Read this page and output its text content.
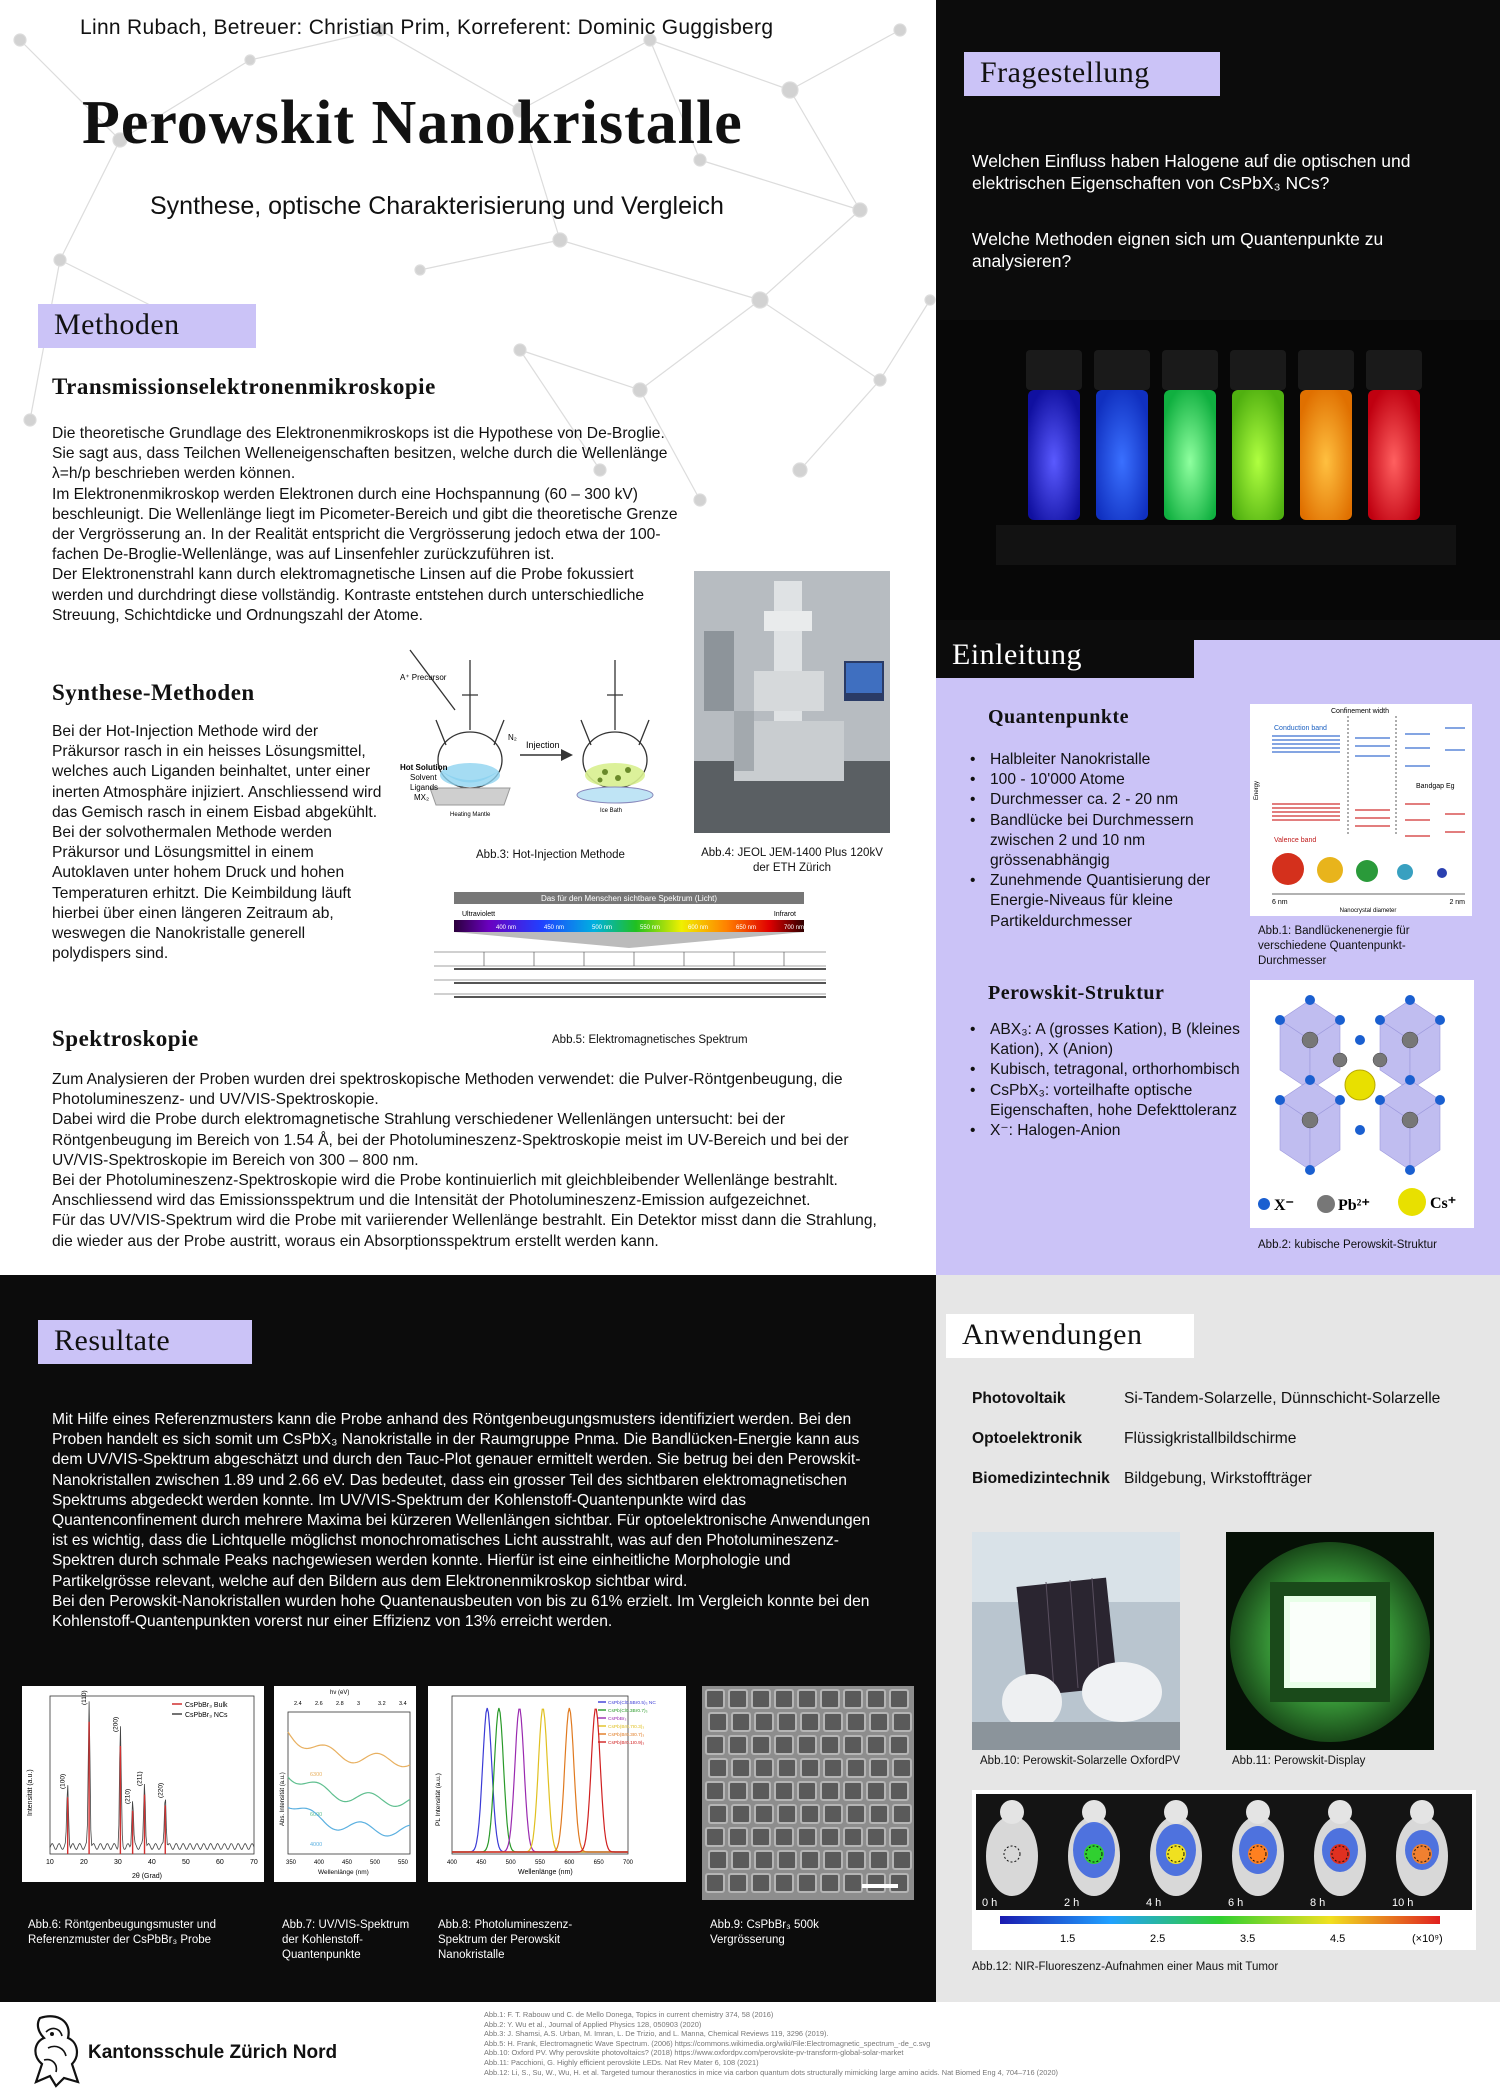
Linn Rubach, Betreuer: Christian Prim, Korreferent: Dominic Guggisberg
Perowskit Nanokristalle
Synthese, optische Charakterisierung und Vergleich
Methoden
Transmissionselektronenmikroskopie
Die theoretische Grundlage des Elektronenmikroskops ist die Hypothese von De-Broglie. Sie sagt aus, dass Teilchen Welleneigenschaften besitzen, welche durch die Wellenlänge λ=h/p beschrieben werden können.
Im Elektronenmikroskop werden Elektronen durch eine Hochspannung (60 – 300 kV) beschleunigt. Die Wellenlänge liegt im Picometer-Bereich und gibt die theoretische Grenze der Vergrösserung an. In der Realität entspricht die Vergrösserung jedoch etwa der 100-fachen De-Broglie-Wellenlänge, was auf Linsenfehler zurückzuführen ist.
Der Elektronenstrahl kann durch elektromagnetische Linsen auf die Probe fokussiert werden und durchdringt diese vollständig. Kontraste entstehen durch unterschiedliche Streuung, Schichtdicke und Ordnungszahl der Atome.
Abb.4: JEOL JEM-1400 Plus 120kV der ETH Zürich
Synthese-Methoden
Bei der Hot-Injection Methode wird der Präkursor rasch in ein heisses Lösungsmittel, welches auch Liganden beinhaltet, unter einer inerten Atmosphäre injiziert. Anschliessend wird das Gemisch rasch in einem Eisbad abgekühlt. Bei der solvothermalen Methode werden Präkursor und Lösungsmittel in einem Autoklaven unter hohem Druck und hohen Temperaturen erhitzt. Die Keimbildung läuft hierbei über einen längeren Zeitraum ab, weswegen die Nanokristalle generell polydispers sind.
A⁺ Precursor
Hot Solution
Solvent
Ligands
MX₂
N₂
Injection
Heating Mantle
Ice Bath
Abb.3: Hot-Injection Methode
Das für den Menschen sichtbare Spektrum (Licht)
Ultraviolett	Infrarot
400 nm	450 nm	500 nm	550 nm	600 nm	650 nm	700 nm
Abb.5: Elektromagnetisches Spektrum
Spektroskopie
Zum Analysieren der Proben wurden drei spektroskopische Methoden verwendet: die Pulver-Röntgenbeugung, die Photolumineszenz- und UV/VIS-Spektroskopie.
Dabei wird die Probe durch elektromagnetische Strahlung verschiedener Wellenlängen untersucht: bei der Röntgenbeugung im Bereich von 1.54 Å, bei der Photolumineszenz-Spektroskopie meist im UV-Bereich und bei der UV/VIS-Spektroskopie im Bereich von 300 – 800 nm.
Bei der Photolumineszenz-Spektroskopie wird die Probe kontinuierlich mit gleichbleibender Wellenlänge bestrahlt. Anschliessend wird das Emissionsspektrum und die Intensität der Photolumineszenz-Emission aufgezeichnet.
Für das UV/VIS-Spektrum wird die Probe mit variierender Wellenlänge bestrahlt. Ein Detektor misst dann die Strahlung, die wieder aus der Probe austritt, woraus ein Absorptionsspektrum erstellt werden kann.
Fragestellung
Welchen Einfluss haben Halogene auf die optischen und elektrischen Eigenschaften von CsPbX₃ NCs?
Welche Methoden eignen sich um Quantenpunkte zu analysieren?
Einleitung
Quantenpunkte
• Halbleiter Nanokristalle
• 100 - 10'000 Atome
• Durchmesser ca. 2 - 20 nm
• Bandlücke bei Durchmessern zwischen 2 und 10 nm grössenabhängig
• Zunehmende Quantisierung der Energie-Niveaus für kleine Partikeldurchmesser
Confinement width
Conduction band
Valence band
Bandgap Eg
Energy
6 nm	2 nm
Nanocrystal diameter
Abb.1: Bandlückenenergie für verschiedene Quantenpunkt-Durchmesser
Perowskit-Struktur
• ABX₃: A (grosses Kation), B (kleines Kation), X (Anion)
• Kubisch, tetragonal, orthorhombisch
• CsPbX₃: vorteilhafte optische Eigenschaften, hohe Defekttoleranz
• X⁻: Halogen-Anion
X⁻	Pb²⁺	Cs⁺
Abb.2: kubische Perowskit-Struktur
Resultate
Mit Hilfe eines Referenzmusters kann die Probe anhand des Röntgenbeugungsmusters identifiziert werden. Bei den Proben handelt es sich somit um CsPbX₃ Nanokristalle in der Raumgruppe Pnma. Die Bandlücken-Energie kann aus dem UV/VIS-Spektrum abgeschätzt und durch den Tauc-Plot genauer ermittelt werden. Sie betrug bei den Perowskit-Nanokristallen zwischen 1.89 und 2.66 eV. Das bedeutet, dass ein grosser Teil des sichtbaren elektromagnetischen Spektrums abgedeckt werden konnte. Im UV/VIS-Spektrum der Kohlenstoff-Quantenpunkte wird das Quantenconfinement durch mehrere Maxima bei kürzeren Wellenlängen sichtbar. Für optoelektronische Anwendungen ist es wichtig, dass die Lichtquelle möglichst monochromatisches Licht ausstrahlt, was auf den Photolumineszenz-Spektren durch schmale Peaks nachgewiesen werden konnte. Hierfür ist eine einheitliche Morphologie und Partikelgrösse relevant, welche auf den Bildern aus dem Elektronenmikroskop sichtbar wird.
Bei den Perowskit-Nanokristallen wurden hohe Quantenausbeuten von bis zu 61% erzielt. Im Vergleich konnte bei den Kohlenstoff-Quantenpunkten vorerst nur einer Effizienz von 13% erreicht werden.
(100)
(110)
(200)
(210)
(211)
(220)
10	20	30	40	50	60	70
2θ (Grad)
Intensität (a.u.)
CsPbBr₃ Bulk
CsPbBr₃ NCs
Abb.6: Röntgenbeugungsmuster und Referenzmuster der CsPbBr₃ Probe
hν (eV)
2.4 2.6 2.8 3	3.2 3.4
6300
6000
4000
350	400	450	500	550
Wellenlänge (nm)
Abs. Intensität (a.u.)
Abb.7: UV/VIS-Spektrum der Kohlenstoff-Quantenpunkte
CsPb(Cl0.5Br0.5)₃ NC
CsPb(Cl0.3Br0.7)₃
CsPbBr₃
CsPb(Br0.7I0.3)₃
CsPb(Br0.3I0.7)₃
CsPb(Br0.1I0.9)₃
400	450	500	550	600	650	700
Wellenlänge (nm)
PL Intensität (a.u.)
Abb.8: Photolumineszenz-Spektrum der Perowskit Nanokristalle
Abb.9: CsPbBr₃ 500k Vergrösserung
Anwendungen
Photovoltaik	Si-Tandem-Solarzelle, Dünnschicht-Solarzelle
Optoelektronik	Flüssigkristallbildschirme
Biomedizintechnik Bildgebung, Wirkstoffträger
Abb.10: Perowskit-Solarzelle OxfordPV	Abb.11: Perowskit-Display
0 h	2 h	4 h	6 h	8 h	10 h
1.5	2.5	3.5	4.5	(×10⁹)
Abb.12: NIR-Fluoreszenz-Aufnahmen einer Maus mit Tumor
Kantonsschule Zürich Nord
Abb.1: F. T. Rabouw und C. de Mello Donega, Topics in current chemistry 374, 58 (2016)
Abb.2: Y. Wu et al., Journal of Applied Physics 128, 050903 (2020)
Abb.3: J. Shamsi, A.S. Urban, M. Imran, L. De Trizio, and L. Manna, Chemical Reviews 119, 3296 (2019).
Abb.5: H. Frank, Electromagnetic Wave Spectrum. (2006) https://commons.wikimedia.org/wiki/File:Electromagnetic_spectrum_-de_c.svg
Abb.10: Oxford PV. Why perovskite photovoltaics? (2018) https://www.oxfordpv.com/perovskite-pv-transform-global-solar-market
Abb.11: Pacchioni, G. Highly efficient perovskite LEDs. Nat Rev Mater 6, 108 (2021)
Abb.12: Li, S., Su, W., Wu, H. et al. Targeted tumour theranostics in mice via carbon quantum dots structurally mimicking large amino acids. Nat Biomed Eng 4, 704–716 (2020)
